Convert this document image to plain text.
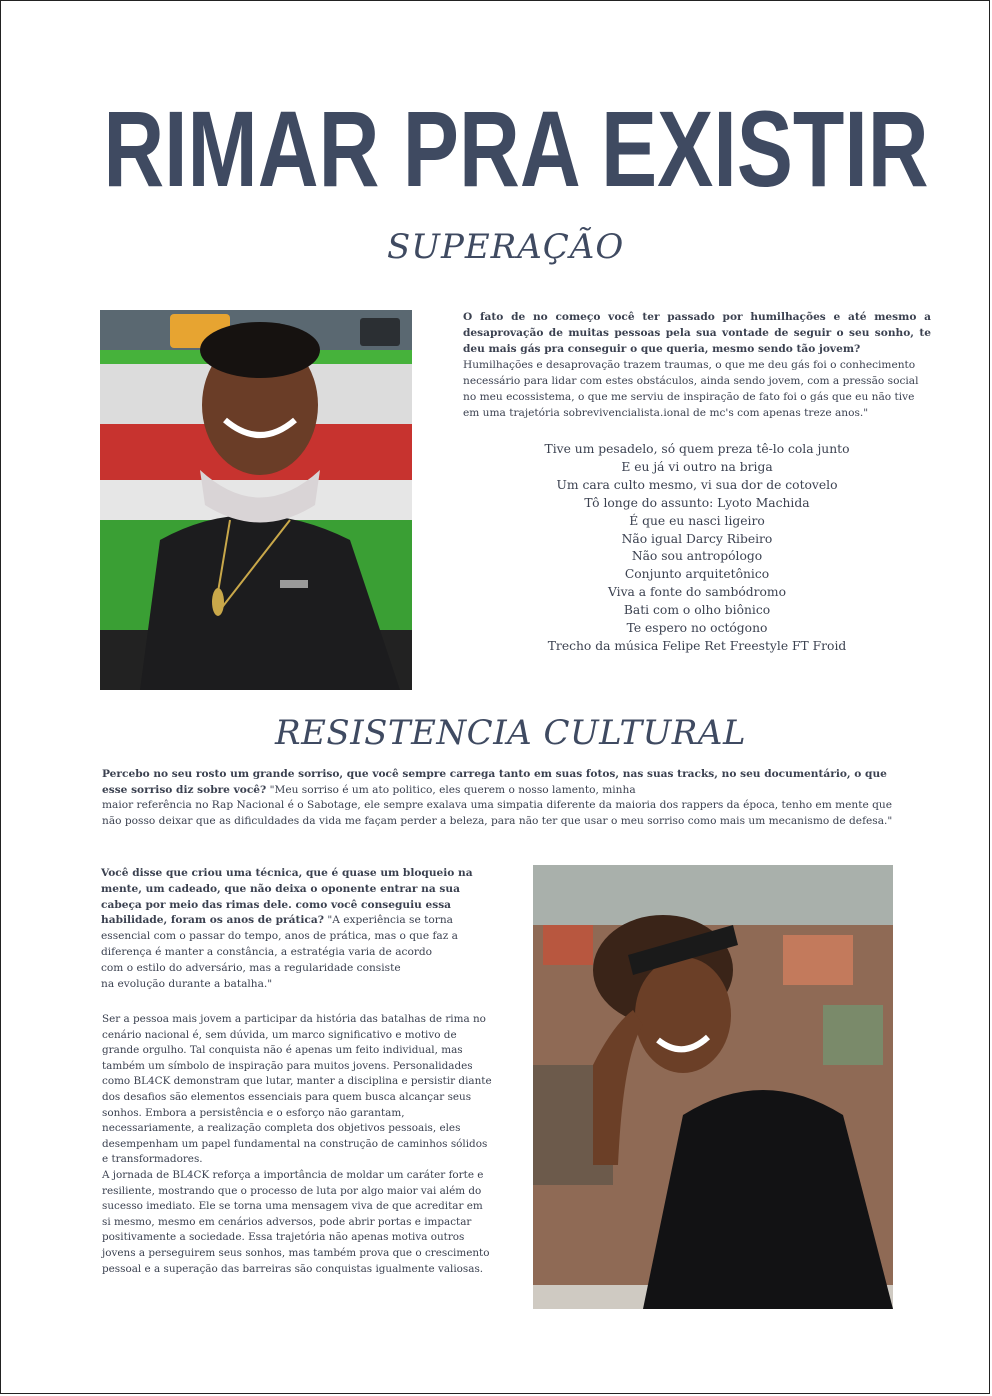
RIMAR PRA EXISTIR
SUPERAÇÃO
O fato de no começo você ter passado por humilhações e até mesmo a desaprovação de muitas pessoas pela sua vontade de seguir o seu sonho, te deu mais gás pra conseguir o que queria, mesmo sendo tão jovem?
Humilhações e desaprovação trazem traumas, o que me deu gás foi o conhecimento necessário para lidar com estes obstáculos, ainda sendo jovem, com a pressão social no meu ecossistema, o que me serviu de inspiração de fato foi o gás que eu não tive em uma trajetória sobrevivencialista.ional de mc's com apenas treze anos."
Tive um pesadelo, só quem preza tê-lo cola junto
E eu já vi outro na briga
Um cara culto mesmo, vi sua dor de cotovelo
Tô longe do assunto: Lyoto Machida
É que eu nasci ligeiro
Não igual Darcy Ribeiro
Não sou antropólogo
Conjunto arquitetônico
Viva a fonte do sambódromo
Bati com o olho biônico
Te espero no octógono
Trecho da música Felipe Ret Freestyle FT Froid
RESISTENCIA CULTURAL
Percebo no seu rosto um grande sorriso, que você sempre carrega tanto em suas fotos, nas suas tracks, no seu documentário, o que esse sorriso diz sobre você? "Meu sorriso é um ato politico, eles querem o nosso lamento, minha
maior referência no Rap Nacional é o Sabotage, ele sempre exalava uma simpatia diferente da maioria dos rappers da época, tenho em mente que não posso deixar que as dificuldades da vida me façam perder a beleza, para não ter que usar o meu sorriso como mais um mecanismo de defesa."
Você disse que criou uma técnica, que é quase um bloqueio na mente, um cadeado, que não deixa o oponente entrar na sua cabeça por meio das rimas dele. como você conseguiu essa habilidade, foram os anos de prática? "A experiência se torna essencial com o passar do tempo, anos de prática, mas o que faz a diferença é manter a constância, a estratégia varia de acordo
com o estilo do adversário, mas a regularidade consiste
na evolução durante a batalha."
Ser a pessoa mais jovem a participar da história das batalhas de rima no cenário nacional é, sem dúvida, um marco significativo e motivo de grande orgulho. Tal conquista não é apenas um feito individual, mas também um símbolo de inspiração para muitos jovens. Personalidades como BL4CK demonstram que lutar, manter a disciplina e persistir diante dos desafios são elementos essenciais para quem busca alcançar seus sonhos. Embora a persistência e o esforço não garantam, necessariamente, a realização completa dos objetivos pessoais, eles desempenham um papel fundamental na construção de caminhos sólidos e transformadores.
A jornada de BL4CK reforça a importância de moldar um caráter forte e resiliente, mostrando que o processo de luta por algo maior vai além do sucesso imediato. Ele se torna uma mensagem viva de que acreditar em si mesmo, mesmo em cenários adversos, pode abrir portas e impactar positivamente a sociedade. Essa trajetória não apenas motiva outros jovens a perseguirem seus sonhos, mas também prova que o crescimento pessoal e a superação das barreiras são conquistas igualmente valiosas.
